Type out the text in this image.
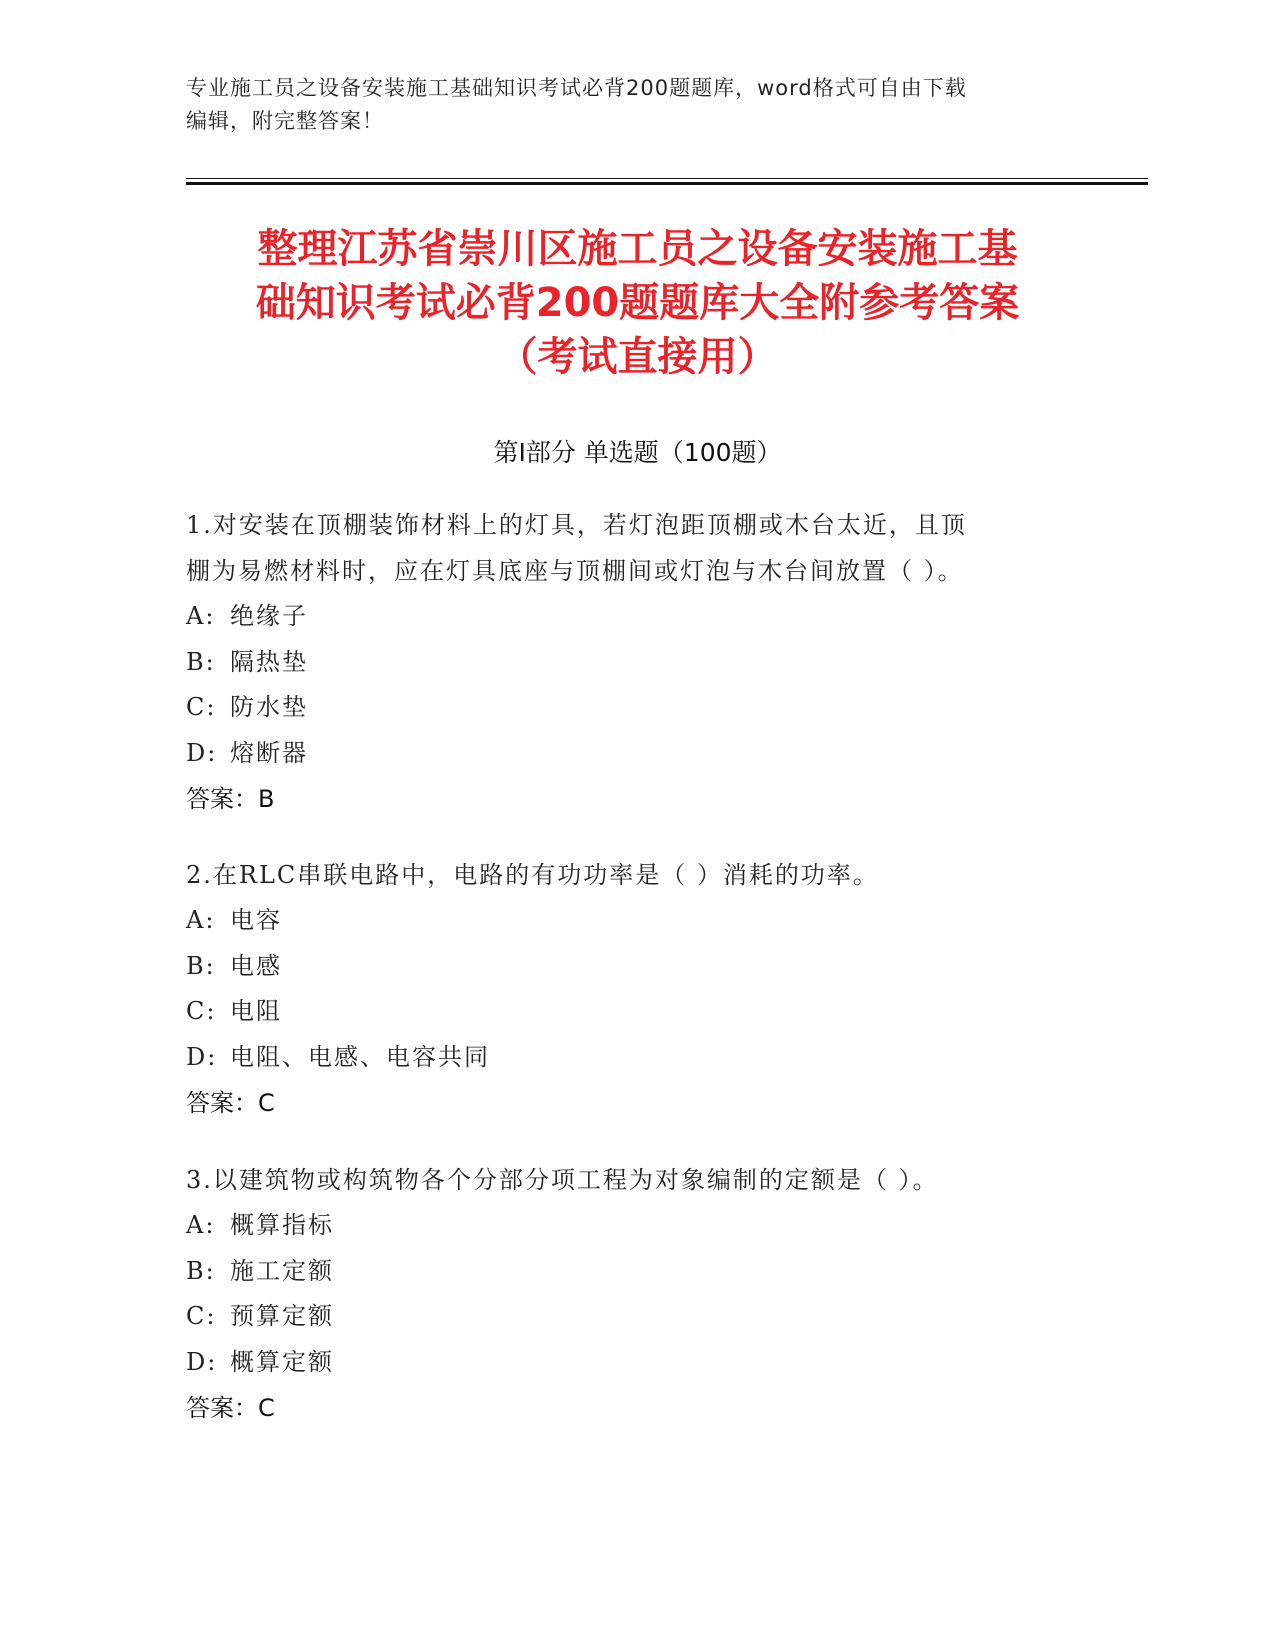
专业施工员之设备安装施工基础知识考试必背200题题库，word格式可自由下载
编辑，附完整答案！
整理江苏省崇川区施工员之设备安装施工基
础知识考试必背200题题库大全附参考答案
（考试直接用）
第Ⅰ部分 单选题（100题）
1.对安装在顶棚装饰材料上的灯具，若灯泡距顶棚或木台太近，且顶
棚为易燃材料时，应在灯具底座与顶棚间或灯泡与木台间放置（ ）。
A: 绝缘子
B: 隔热垫
C: 防水垫
D: 熔断器
答案：B
2.在RLC串联电路中，电路的有功功率是（ ）消耗的功率。
A: 电容
B: 电感
C: 电阻
D: 电阻、电感、电容共同
答案：C
3.以建筑物或构筑物各个分部分项工程为对象编制的定额是（ ）。
A: 概算指标
B: 施工定额
C: 预算定额
D: 概算定额
答案：C
